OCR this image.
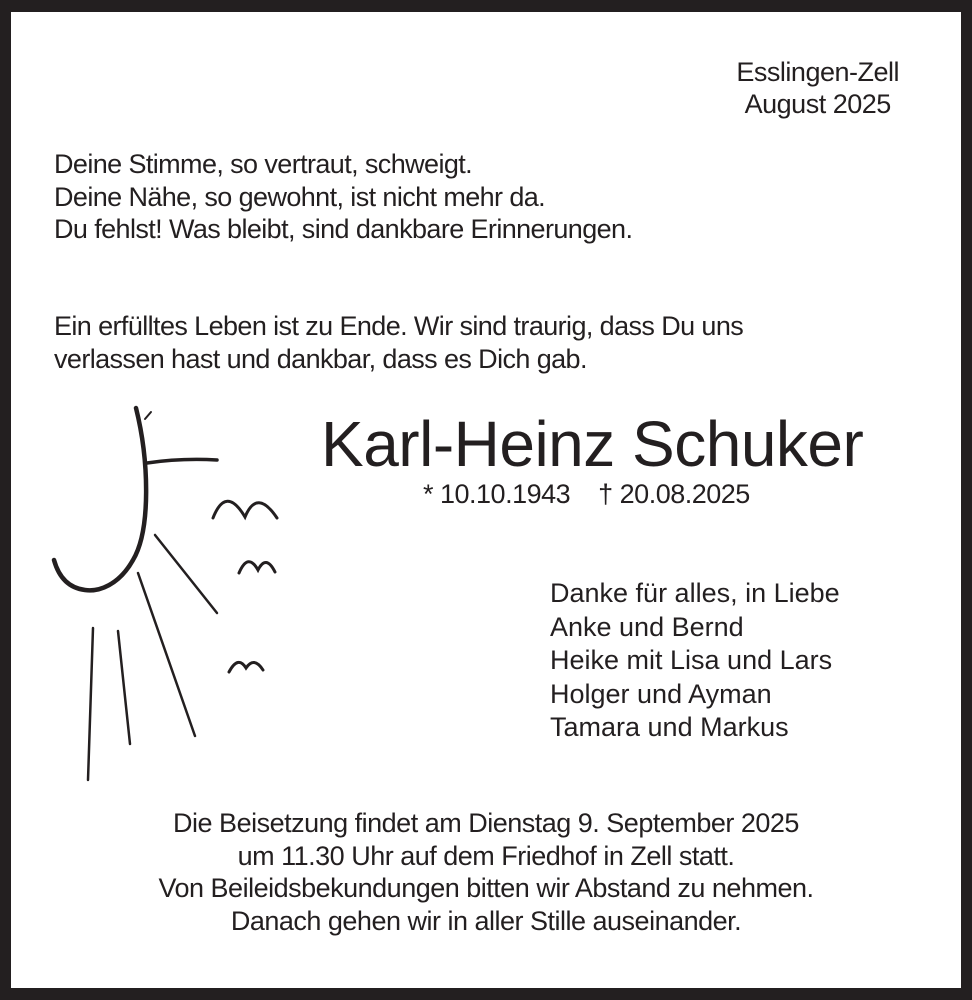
Esslingen-Zell
August 2025
Deine Stimme, so vertraut, schweigt.
Deine Nähe, so gewohnt, ist nicht mehr da.
Du fehlst! Was bleibt, sind dankbare Erinnerungen.
Ein erfülltes Leben ist zu Ende. Wir sind traurig, dass Du uns
verlassen hast und dankbar, dass es Dich gab.
Karl-Heinz Schuker
* 10.10.1943 † 20.08.2025
Danke für alles, in Liebe
Anke und Bernd
Heike mit Lisa und Lars
Holger und Ayman
Tamara und Markus
Die Beisetzung findet am Dienstag 9. September 2025
um 11.30 Uhr auf dem Friedhof in Zell statt.
Von Beileidsbekundungen bitten wir Abstand zu nehmen.
Danach gehen wir in aller Stille auseinander.
